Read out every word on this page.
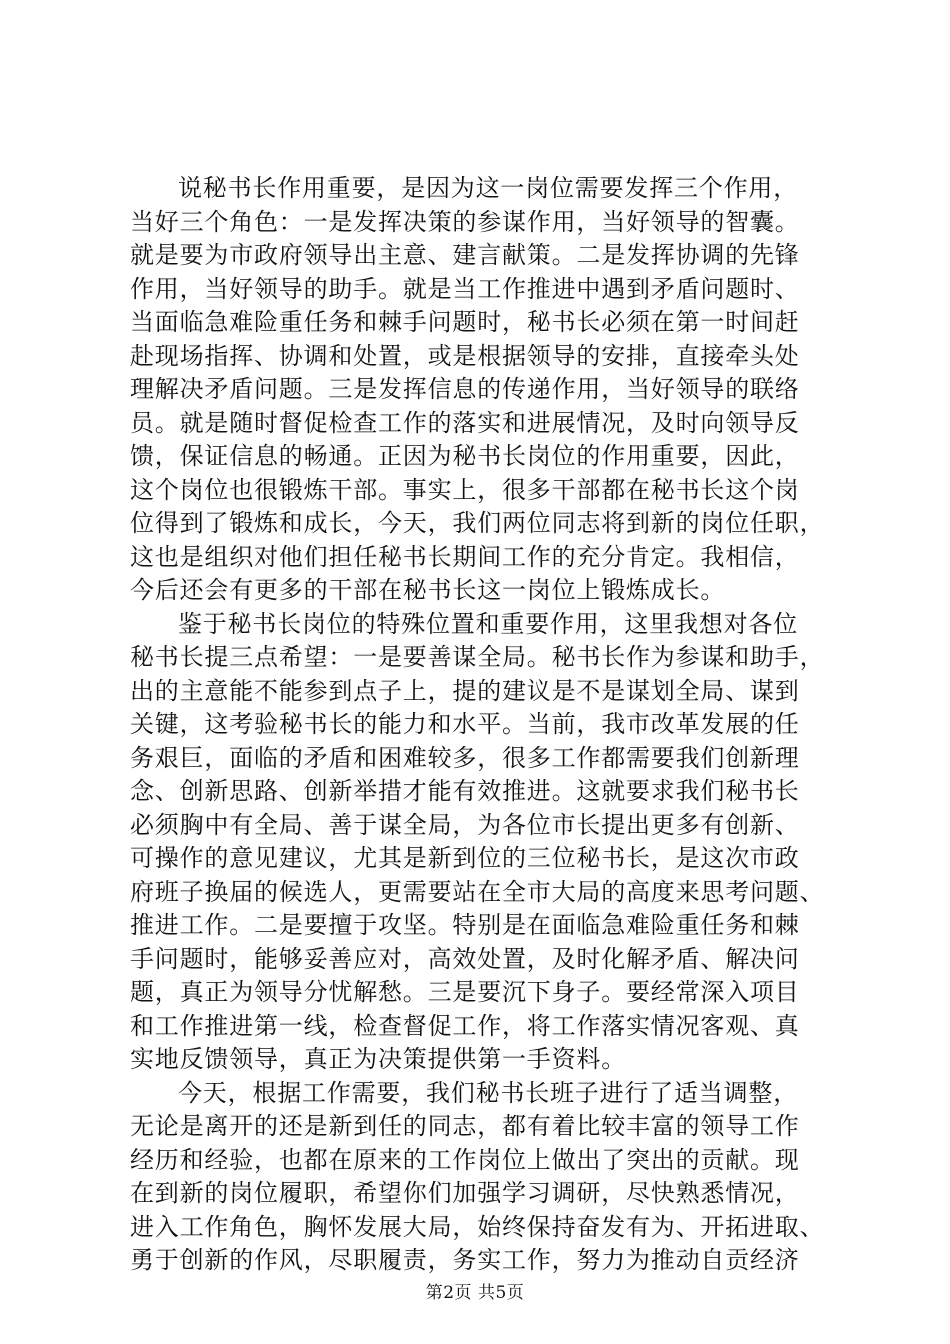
说秘书长作用重要，是因为这一岗位需要发挥三个作用，
当好三个角色：一是发挥决策的参谋作用，当好领导的智囊。
就是要为市政府领导出主意、建言献策。二是发挥协调的先锋
作用，当好领导的助手。就是当工作推进中遇到矛盾问题时、
当面临急难险重任务和棘手问题时，秘书长必须在第一时间赶
赴现场指挥、协调和处置，或是根据领导的安排，直接牵头处
理解决矛盾问题。三是发挥信息的传递作用，当好领导的联络
员。就是随时督促检查工作的落实和进展情况，及时向领导反
馈，保证信息的畅通。正因为秘书长岗位的作用重要，因此，
这个岗位也很锻炼干部。事实上，很多干部都在秘书长这个岗
位得到了锻炼和成长，今天，我们两位同志将到新的岗位任职，
这也是组织对他们担任秘书长期间工作的充分肯定。我相信，
今后还会有更多的干部在秘书长这一岗位上锻炼成长。
鉴于秘书长岗位的特殊位置和重要作用，这里我想对各位
秘书长提三点希望：一是要善谋全局。秘书长作为参谋和助手，
出的主意能不能参到点子上，提的建议是不是谋划全局、谋到
关键，这考验秘书长的能力和水平。当前，我市改革发展的任
务艰巨，面临的矛盾和困难较多，很多工作都需要我们创新理
念、创新思路、创新举措才能有效推进。这就要求我们秘书长
必须胸中有全局、善于谋全局，为各位市长提出更多有创新、
可操作的意见建议，尤其是新到位的三位秘书长，是这次市政
府班子换届的候选人，更需要站在全市大局的高度来思考问题、
推进工作。二是要擅于攻坚。特别是在面临急难险重任务和棘
手问题时，能够妥善应对，高效处置，及时化解矛盾、解决问
题，真正为领导分忧解愁。三是要沉下身子。要经常深入项目
和工作推进第一线，检查督促工作，将工作落实情况客观、真
实地反馈领导，真正为决策提供第一手资料。
今天，根据工作需要，我们秘书长班子进行了适当调整，
无论是离开的还是新到任的同志，都有着比较丰富的领导工作
经历和经验，也都在原来的工作岗位上做出了突出的贡献。现
在到新的岗位履职，希望你们加强学习调研，尽快熟悉情况，
进入工作角色，胸怀发展大局，始终保持奋发有为、开拓进取、
勇于创新的作风，尽职履责，务实工作，努力为推动自贡经济
第2页 共5页
